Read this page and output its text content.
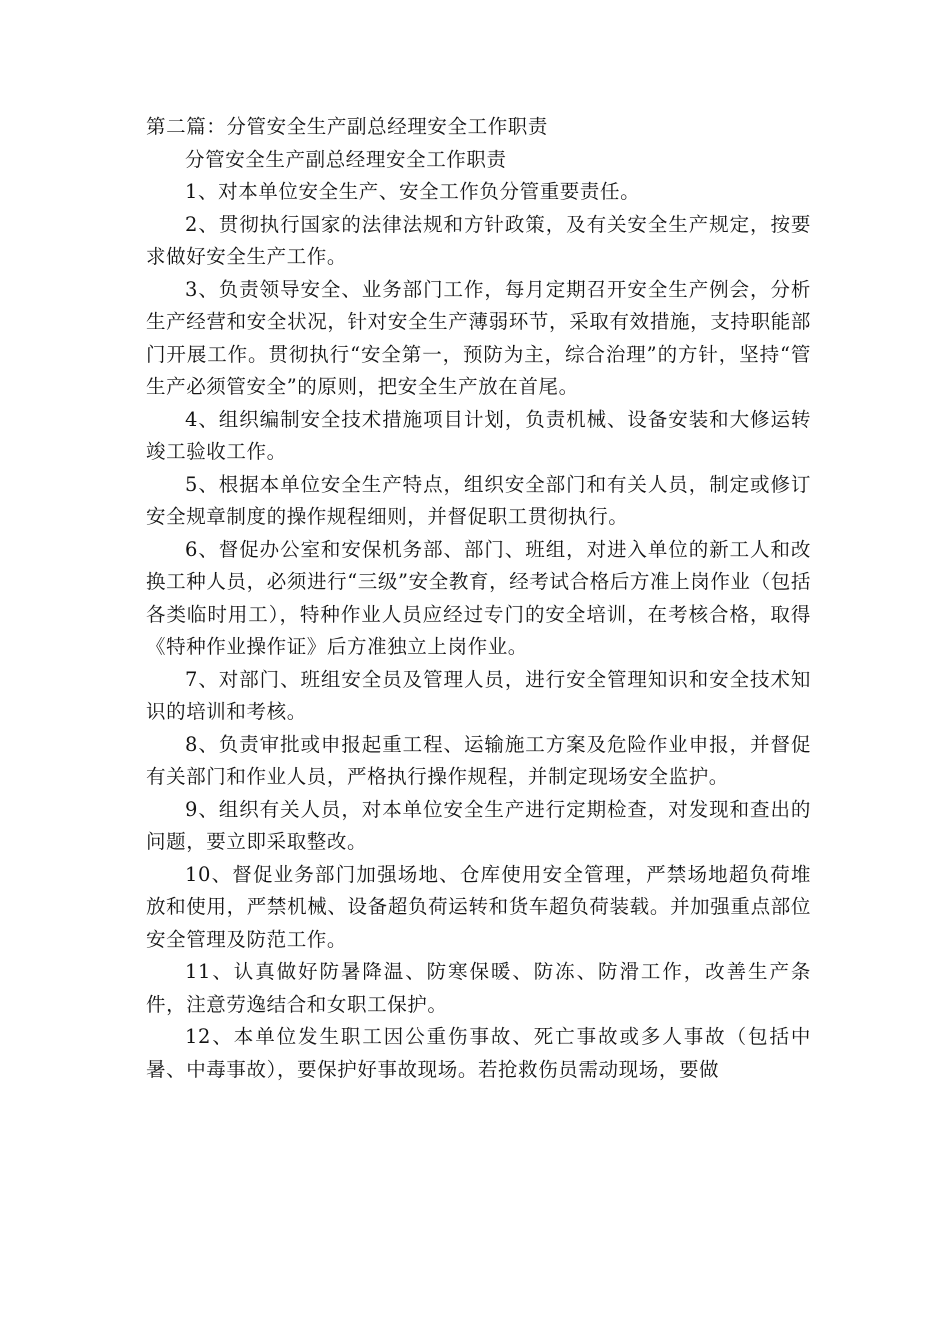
第二篇：分管安全生产副总经理安全工作职责

分管安全生产副总经理安全工作职责

1、对本单位安全生产、安全工作负分管重要责任。

2、贯彻执行国家的法律法规和方针政策，及有关安全生产规定，按要求做好安全生产工作。

3、负责领导安全、业务部门工作，每月定期召开安全生产例会，分析生产经营和安全状况，针对安全生产薄弱环节，采取有效措施，支持职能部门开展工作。贯彻执行“安全第一，预防为主，综合治理”的方针，坚持“管生产必须管安全”的原则，把安全生产放在首尾。

4、组织编制安全技术措施项目计划，负责机械、设备安装和大修运转竣工验收工作。

5、根据本单位安全生产特点，组织安全部门和有关人员，制定或修订安全规章制度的操作规程细则，并督促职工贯彻执行。

6、督促办公室和安保机务部、部门、班组，对进入单位的新工人和改换工种人员，必须进行“三级”安全教育，经考试合格后方准上岗作业（包括各类临时用工），特种作业人员应经过专门的安全培训，在考核合格，取得《特种作业操作证》后方准独立上岗作业。

7、对部门、班组安全员及管理人员，进行安全管理知识和安全技术知识的培训和考核。

8、负责审批或申报起重工程、运输施工方案及危险作业申报，并督促有关部门和作业人员，严格执行操作规程，并制定现场安全监护。

9、组织有关人员，对本单位安全生产进行定期检查，对发现和查出的问题，要立即采取整改。

10、督促业务部门加强场地、仓库使用安全管理，严禁场地超负荷堆放和使用，严禁机械、设备超负荷运转和货车超负荷装载。并加强重点部位安全管理及防范工作。

11、认真做好防暑降温、防寒保暖、防冻、防滑工作，改善生产条件，注意劳逸结合和女职工保护。

12、本单位发生职工因公重伤事故、死亡事故或多人事故（包括中暑、中毒事故），要保护好事故现场。若抢救伤员需动现场，要做
